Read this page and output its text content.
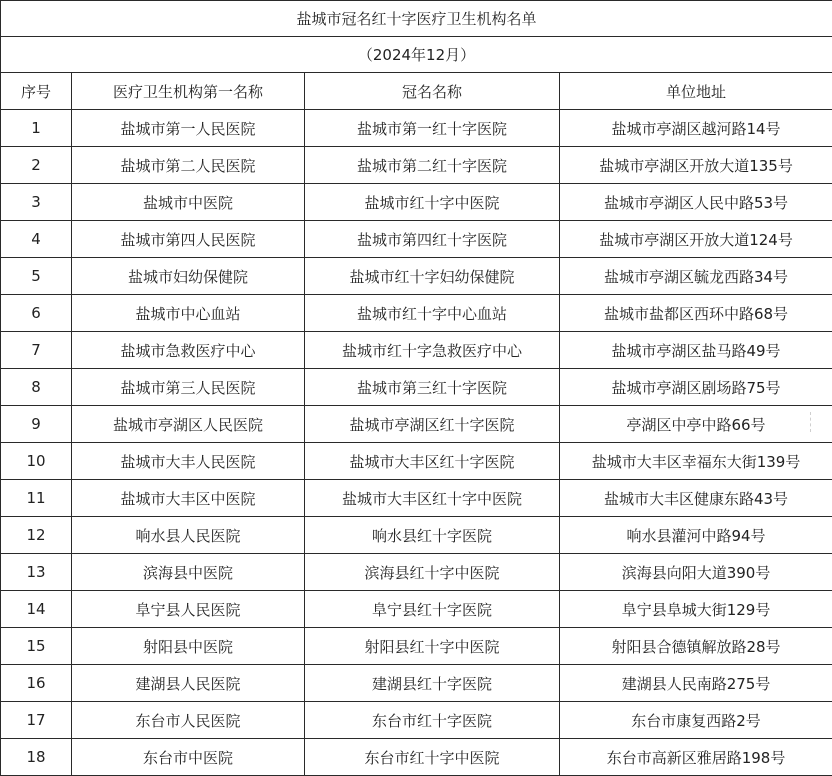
盐城市冠名红十字医疗卫生机构名单			
（2024年12月）			
序号	医疗卫生机构第一名称	冠名名称	单位地址
1	盐城市第一人民医院	盐城市第一红十字医院	盐城市亭湖区越河路14号
2	盐城市第二人民医院	盐城市第二红十字医院	盐城市亭湖区开放大道135号
3	盐城市中医院	盐城市红十字中医院	盐城市亭湖区人民中路53号
4	盐城市第四人民医院	盐城市第四红十字医院	盐城市亭湖区开放大道124号
5	盐城市妇幼保健院	盐城市红十字妇幼保健院	盐城市亭湖区毓龙西路34号
6	盐城市中心血站	盐城市红十字中心血站	盐城市盐都区西环中路68号
7	盐城市急救医疗中心	盐城市红十字急救医疗中心	盐城市亭湖区盐马路49号
8	盐城市第三人民医院	盐城市第三红十字医院	盐城市亭湖区剧场路75号
9	盐城市亭湖区人民医院	盐城市亭湖区红十字医院	亭湖区中亭中路66号
10	盐城市大丰人民医院	盐城市大丰区红十字医院	盐城市大丰区幸福东大街139号
11	盐城市大丰区中医院	盐城市大丰区红十字中医院	盐城市大丰区健康东路43号
12	响水县人民医院	响水县红十字医院	响水县灌河中路94号
13	滨海县中医院	滨海县红十字中医院	滨海县向阳大道390号
14	阜宁县人民医院	阜宁县红十字医院	阜宁县阜城大街129号
15	射阳县中医院	射阳县红十字中医院	射阳县合德镇解放路28号
16	建湖县人民医院	建湖县红十字医院	建湖县人民南路275号
17	东台市人民医院	东台市红十字医院	东台市康复西路2号
18	东台市中医院	东台市红十字中医院	东台市高新区雅居路198号
